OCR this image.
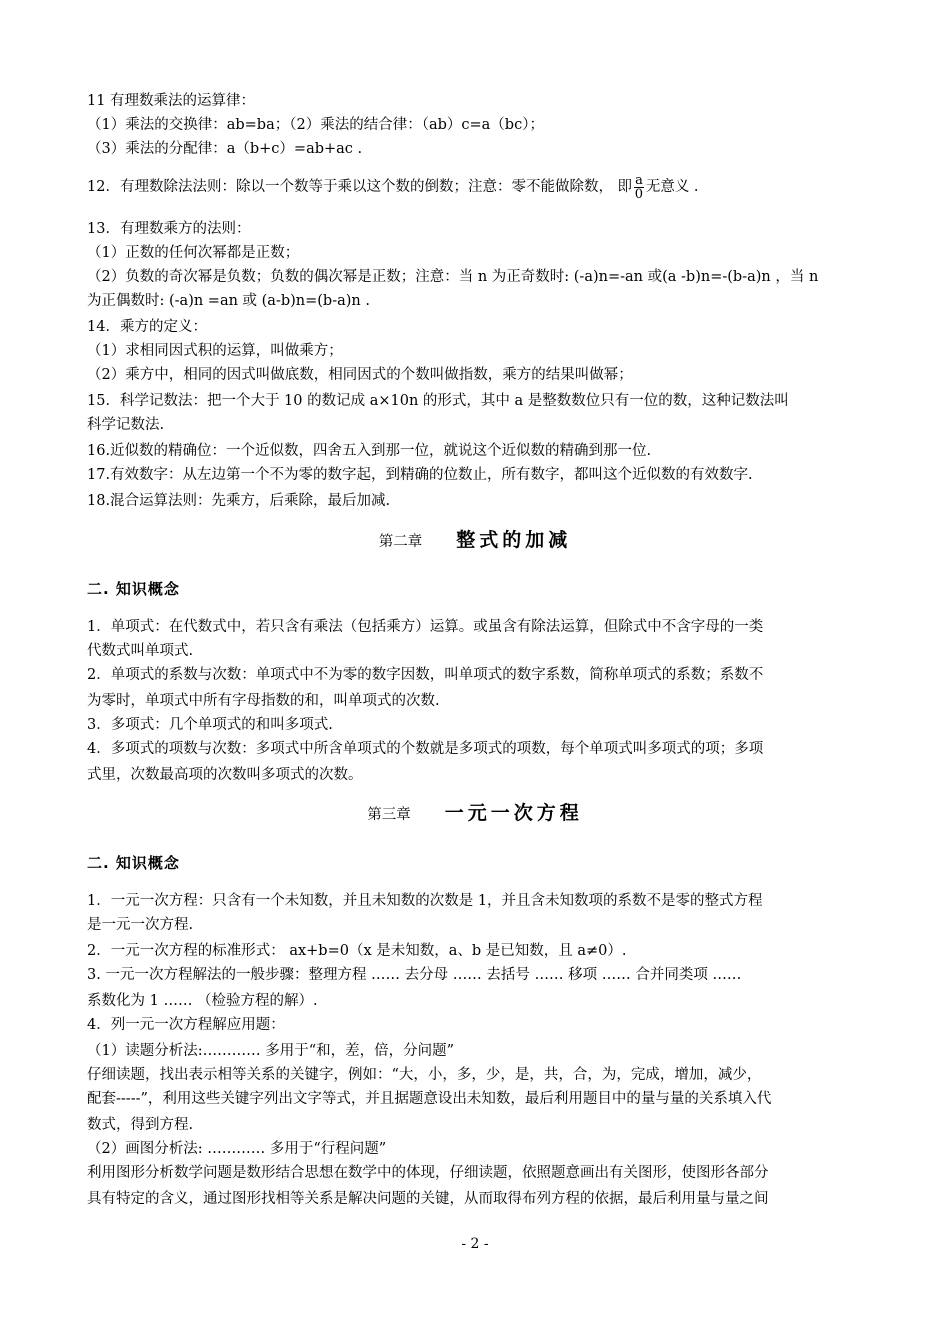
11 有理数乘法的运算律：
（1）乘法的交换律：ab=ba；（2）乘法的结合律：（ab）c=a（bc）；
（3）乘法的分配律：a（b+c）=ab+ac .
12．有理数除法法则：除以一个数等于乘以这个数的倒数；注意：零不能做除数， 即 $\frac{a}{0}$ 无意义 .
13．有理数乘方的法则：
（1）正数的任何次幂都是正数；
（2）负数的奇次幂是负数；负数的偶次幂是正数；注意：当 n 为正奇数时: (-a)n=-an 或(a -b)n=-(b-a)n ，当 n
为正偶数时: (-a)n =an 或 (a-b)n=(b-a)n .
14．乘方的定义：
（1）求相同因式积的运算，叫做乘方；
（2）乘方中，相同的因式叫做底数，相同因式的个数叫做指数，乘方的结果叫做幂；
15．科学记数法：把一个大于 10 的数记成 a×10n 的形式，其中 a 是整数数位只有一位的数，这种记数法叫
科学记数法.
16.近似数的精确位：一个近似数，四舍五入到那一位，就说这个近似数的精确到那一位.
17.有效数字：从左边第一个不为零的数字起，到精确的位数止，所有数字，都叫这个近似数的有效数字.
18.混合运算法则：先乘方，后乘除，最后加减.
第二章 整式的加减
二. 知识概念
1．单项式：在代数式中，若只含有乘法（包括乘方）运算。或虽含有除法运算，但除式中不含字母的一类
代数式叫单项式.
2．单项式的系数与次数：单项式中不为零的数字因数，叫单项式的数字系数，简称单项式的系数；系数不
为零时，单项式中所有字母指数的和，叫单项式的次数.
3．多项式：几个单项式的和叫多项式.
4．多项式的项数与次数：多项式中所含单项式的个数就是多项式的项数，每个单项式叫多项式的项；多项
式里，次数最高项的次数叫多项式的次数。
第三章 一元一次方程
二. 知识概念
1．一元一次方程：只含有一个未知数，并且未知数的次数是 1，并且含未知数项的系数不是零的整式方程
是一元一次方程.
2．一元一次方程的标准形式： ax+b=0（x 是未知数，a、b 是已知数，且 a≠0）.
3. 一元一次方程解法的一般步骤：整理方程 …… 去分母 …… 去括号 …… 移项 …… 合并同类项 ……
系数化为 1 …… （检验方程的解）.
4．列一元一次方程解应用题：
（1）读题分析法:………… 多用于“和，差，倍，分问题”
仔细读题，找出表示相等关系的关键字，例如：“大，小，多，少，是，共，合，为，完成，增加，减少，
配套-----”，利用这些关键字列出文字等式，并且据题意设出未知数，最后利用题目中的量与量的关系填入代
数式，得到方程.
（2）画图分析法: ………… 多用于“行程问题”
利用图形分析数学问题是数形结合思想在数学中的体现，仔细读题，依照题意画出有关图形，使图形各部分
具有特定的含义，通过图形找相等关系是解决问题的关键，从而取得布列方程的依据，最后利用量与量之间
- 2 -
